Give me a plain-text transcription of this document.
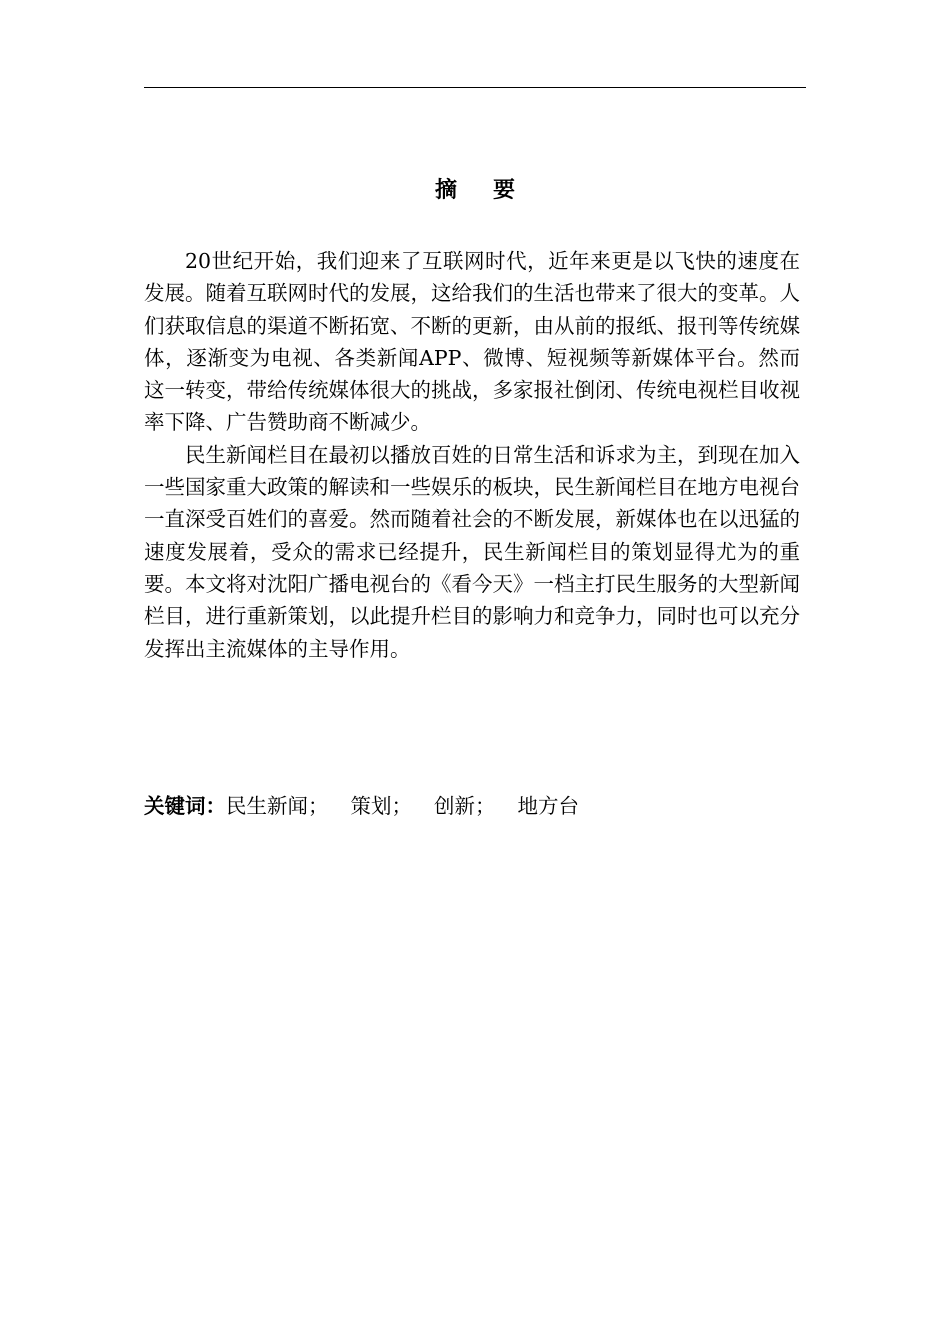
摘要

20世纪开始，我们迎来了互联网时代，近年来更是以飞快的速度在发展。随着互联网时代的发展，这给我们的生活也带来了很大的变革。人们获取信息的渠道不断拓宽、不断的更新，由从前的报纸、报刊等传统媒体，逐渐变为电视、各类新闻APP、微博、短视频等新媒体平台。然而这一转变，带给传统媒体很大的挑战，多家报社倒闭、传统电视栏目收视率下降、广告赞助商不断减少。

民生新闻栏目在最初以播放百姓的日常生活和诉求为主，到现在加入一些国家重大政策的解读和一些娱乐的板块，民生新闻栏目在地方电视台一直深受百姓们的喜爱。然而随着社会的不断发展，新媒体也在以迅猛的速度发展着，受众的需求已经提升，民生新闻栏目的策划显得尤为的重要。本文将对沈阳广播电视台的《看今天》一档主打民生服务的大型新闻栏目，进行重新策划，以此提升栏目的影响力和竞争力，同时也可以充分发挥出主流媒体的主导作用。

关键词：民生新闻； 策划； 创新； 地方台
